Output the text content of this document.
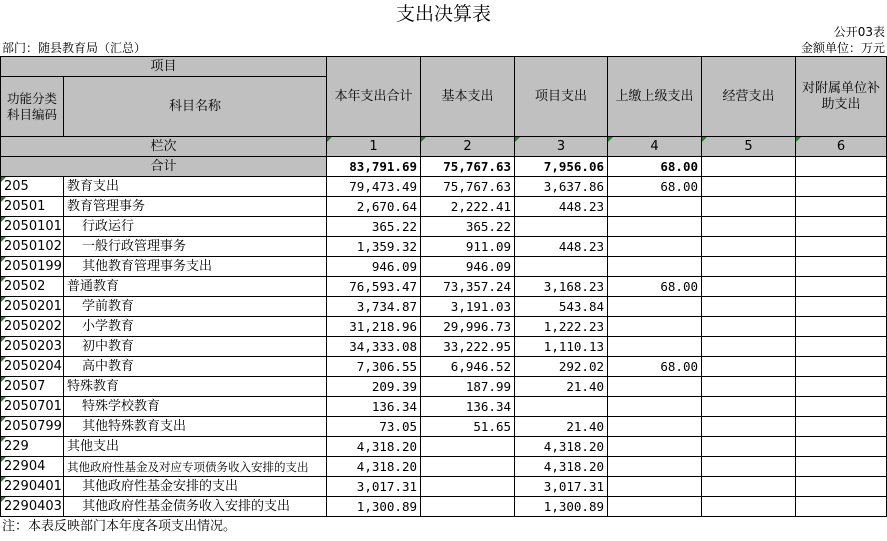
支出决算表
公开03表
部门：随县教育局（汇总）	金额单位：万元
项目		本年支出合计	基本支出	项目支出	上缴上级支出	经营支出	对附属单位补助支出
功能分类科目编码	科目名称						

栏次		1	2	3	4	5	6
合计		83,791.69	75,767.63	7,956.06	68.00		
205	教育支出	79,473.49	75,767.63	3,637.86	68.00		
20501	教育管理事务	2,670.64	2,222.41	448.23			
2050101	行政运行	365.22	365.22				
2050102	一般行政管理事务	1,359.32	911.09	448.23			
2050199	其他教育管理事务支出	946.09	946.09				
20502	普通教育	76,593.47	73,357.24	3,168.23	68.00		
2050201	学前教育	3,734.87	3,191.03	543.84			
2050202	小学教育	31,218.96	29,996.73	1,222.23			
2050203	初中教育	34,333.08	33,222.95	1,110.13			
2050204	高中教育	7,306.55	6,946.52	292.02	68.00		
20507	特殊教育	209.39	187.99	21.40			
2050701	特殊学校教育	136.34	136.34				
2050799	其他特殊教育支出	73.05	51.65	21.40			
229	其他支出	4,318.20		4,318.20			
22904	其他政府性基金及对应专项债务收入安排的支出	4,318.20		4,318.20			
2290401	其他政府性基金安排的支出	3,017.31		3,017.31			
2290403	其他政府性基金债务收入安排的支出	1,300.89		1,300.89			
注：本表反映部门本年度各项支出情况。
